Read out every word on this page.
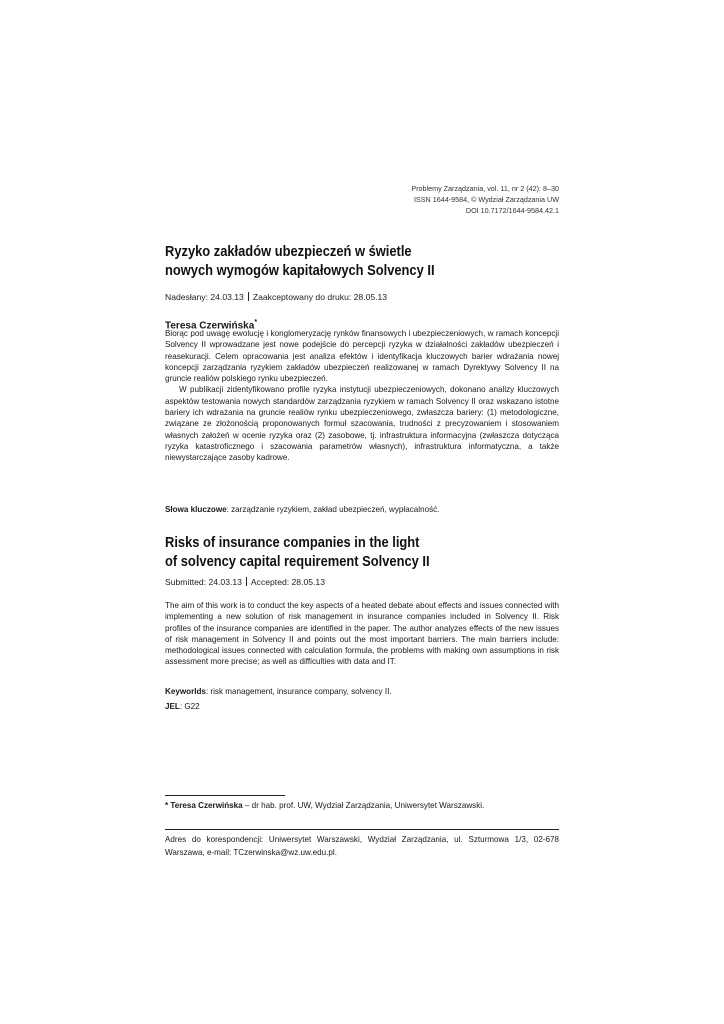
Problemy Zarządzania, vol. 11, nr 2 (42): 8–30
ISSN 1644-9584, © Wydział Zarządzania UW
DOI 10.7172/1644-9584.42.1
Ryzyko zakładów ubezpieczeń w świetle
nowych wymogów kapitałowych Solvency II
Nadesłany: 24.03.13 Zaakceptowany do druku: 28.05.13
Teresa Czerwińska*

Biorąc pod uwagę ewolucję i konglomeryzację rynków finansowych i ubezpieczeniowych, w ramach koncepcji Solvency II wprowadzane jest nowe podejście do percepcji ryzyka w działalności zakładów ubezpieczeń i reasekuracji. Celem opracowania jest analiza efektów i identyfikacja kluczowych barier wdrażania nowej koncepcji zarządzania ryzykiem zakładów ubezpieczeń realizowanej w ramach Dyrektywy Solvency II na gruncie realiów polskiego rynku ubezpieczeń.

W publikacji zidentyfikowano profile ryzyka instytucji ubezpieczeniowych, dokonano analizy kluczowych aspektów testowania nowych standardów zarządzania ryzykiem w ramach Solvency II oraz wskazano istotne bariery ich wdrażania na gruncie realiów rynku ubezpieczeniowego, zwłaszcza bariery: (1) metodologiczne, związane ze złożonością proponowanych formuł szacowania, trudności z precyzowaniem i stosowaniem własnych założeń w ocenie ryzyka oraz (2) zasobowe, tj. infrastruktura informacyjna (zwłaszcza dotycząca ryzyka katastroficznego i szacowania parametrów własnych), infrastruktura informatyczna, a także niewystarczające zasoby kadrowe.

Słowa kluczowe: zarządzanie ryzykiem, zakład ubezpieczeń, wypłacalność.
Risks of insurance companies in the light
of solvency capital requirement Solvency II
Submitted: 24.03.13 Accepted: 28.05.13

The aim of this work is to conduct the key aspects of a heated debate about effects and issues connected with implementing a new solution of risk management in insurance companies included in Solvency II. Risk profiles of the insurance companies are identified in the paper. The author analyzes effects of the new issues of risk management in Solvency II and points out the most important barriers. The main barriers include: methodological issues connected with calculation formula, the problems with making own assumptions in risk assessment more precise; as well as difficulties with data and IT.

Keyworlds: risk management, insurance company, solvency II.
JEL: G22
* Teresa Czerwińska – dr hab. prof. UW, Wydział Zarządzania, Uniwersytet Warszawski.
Adres do korespondencji: Uniwersytet Warszawski, Wydział Zarządzania, ul. Szturmowa 1/3, 02-678 Warszawa, e-mail: TCzerwinska@wz.uw.edu.pl.
